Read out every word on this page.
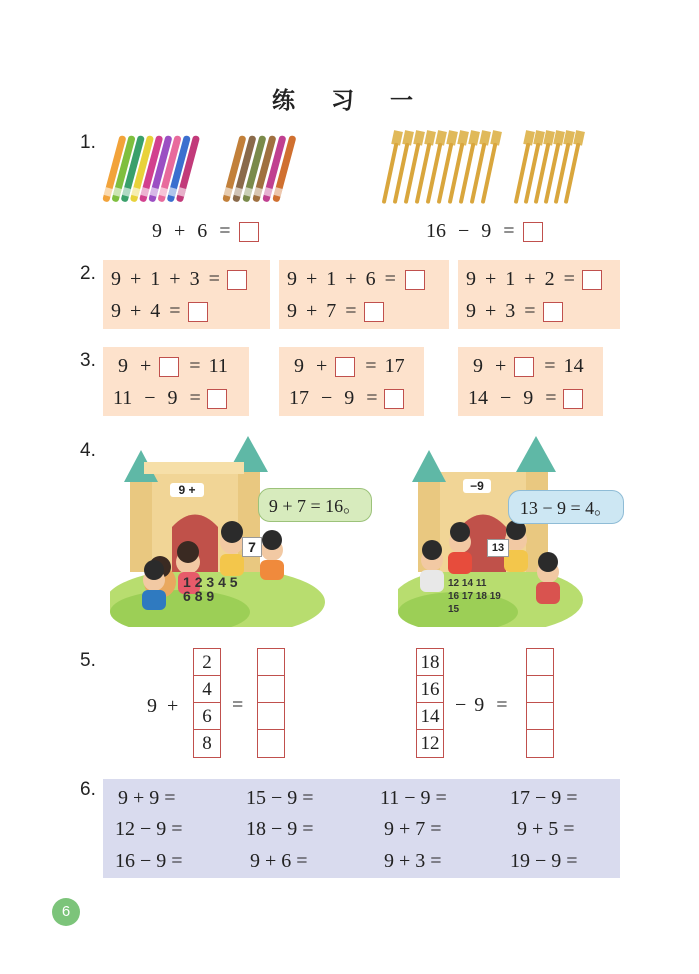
练 习 一
1.
9 + 6 =	16 − 9 =
2. 9 + 1 + 3 =
9 + 4 =
9 + 1 + 6 =
9 + 7 =
9 + 1 + 2 =
9 + 3 =
3. 9 + = 11
11 − 9 =
9 + = 17
17 − 9 =
9 + = 14
14 − 9 =
4.
9 +
7
1 2 3 4 5
6 8 9
9 + 7 = 16。
−9
13
12 14 11
16 17 18 19
15
13 − 9 = 4。
5.
9 +
2
4
6
8
=
18
16
14
12
− 9 =
6. 9 + 9 =	15 − 9 =	11 − 9 =	17 − 9 =
12 − 9 =	18 − 9 =	9 + 7 =	9 + 5 =
16 − 9 =	9 + 6 =	9 + 3 =	19 − 9 =
6
